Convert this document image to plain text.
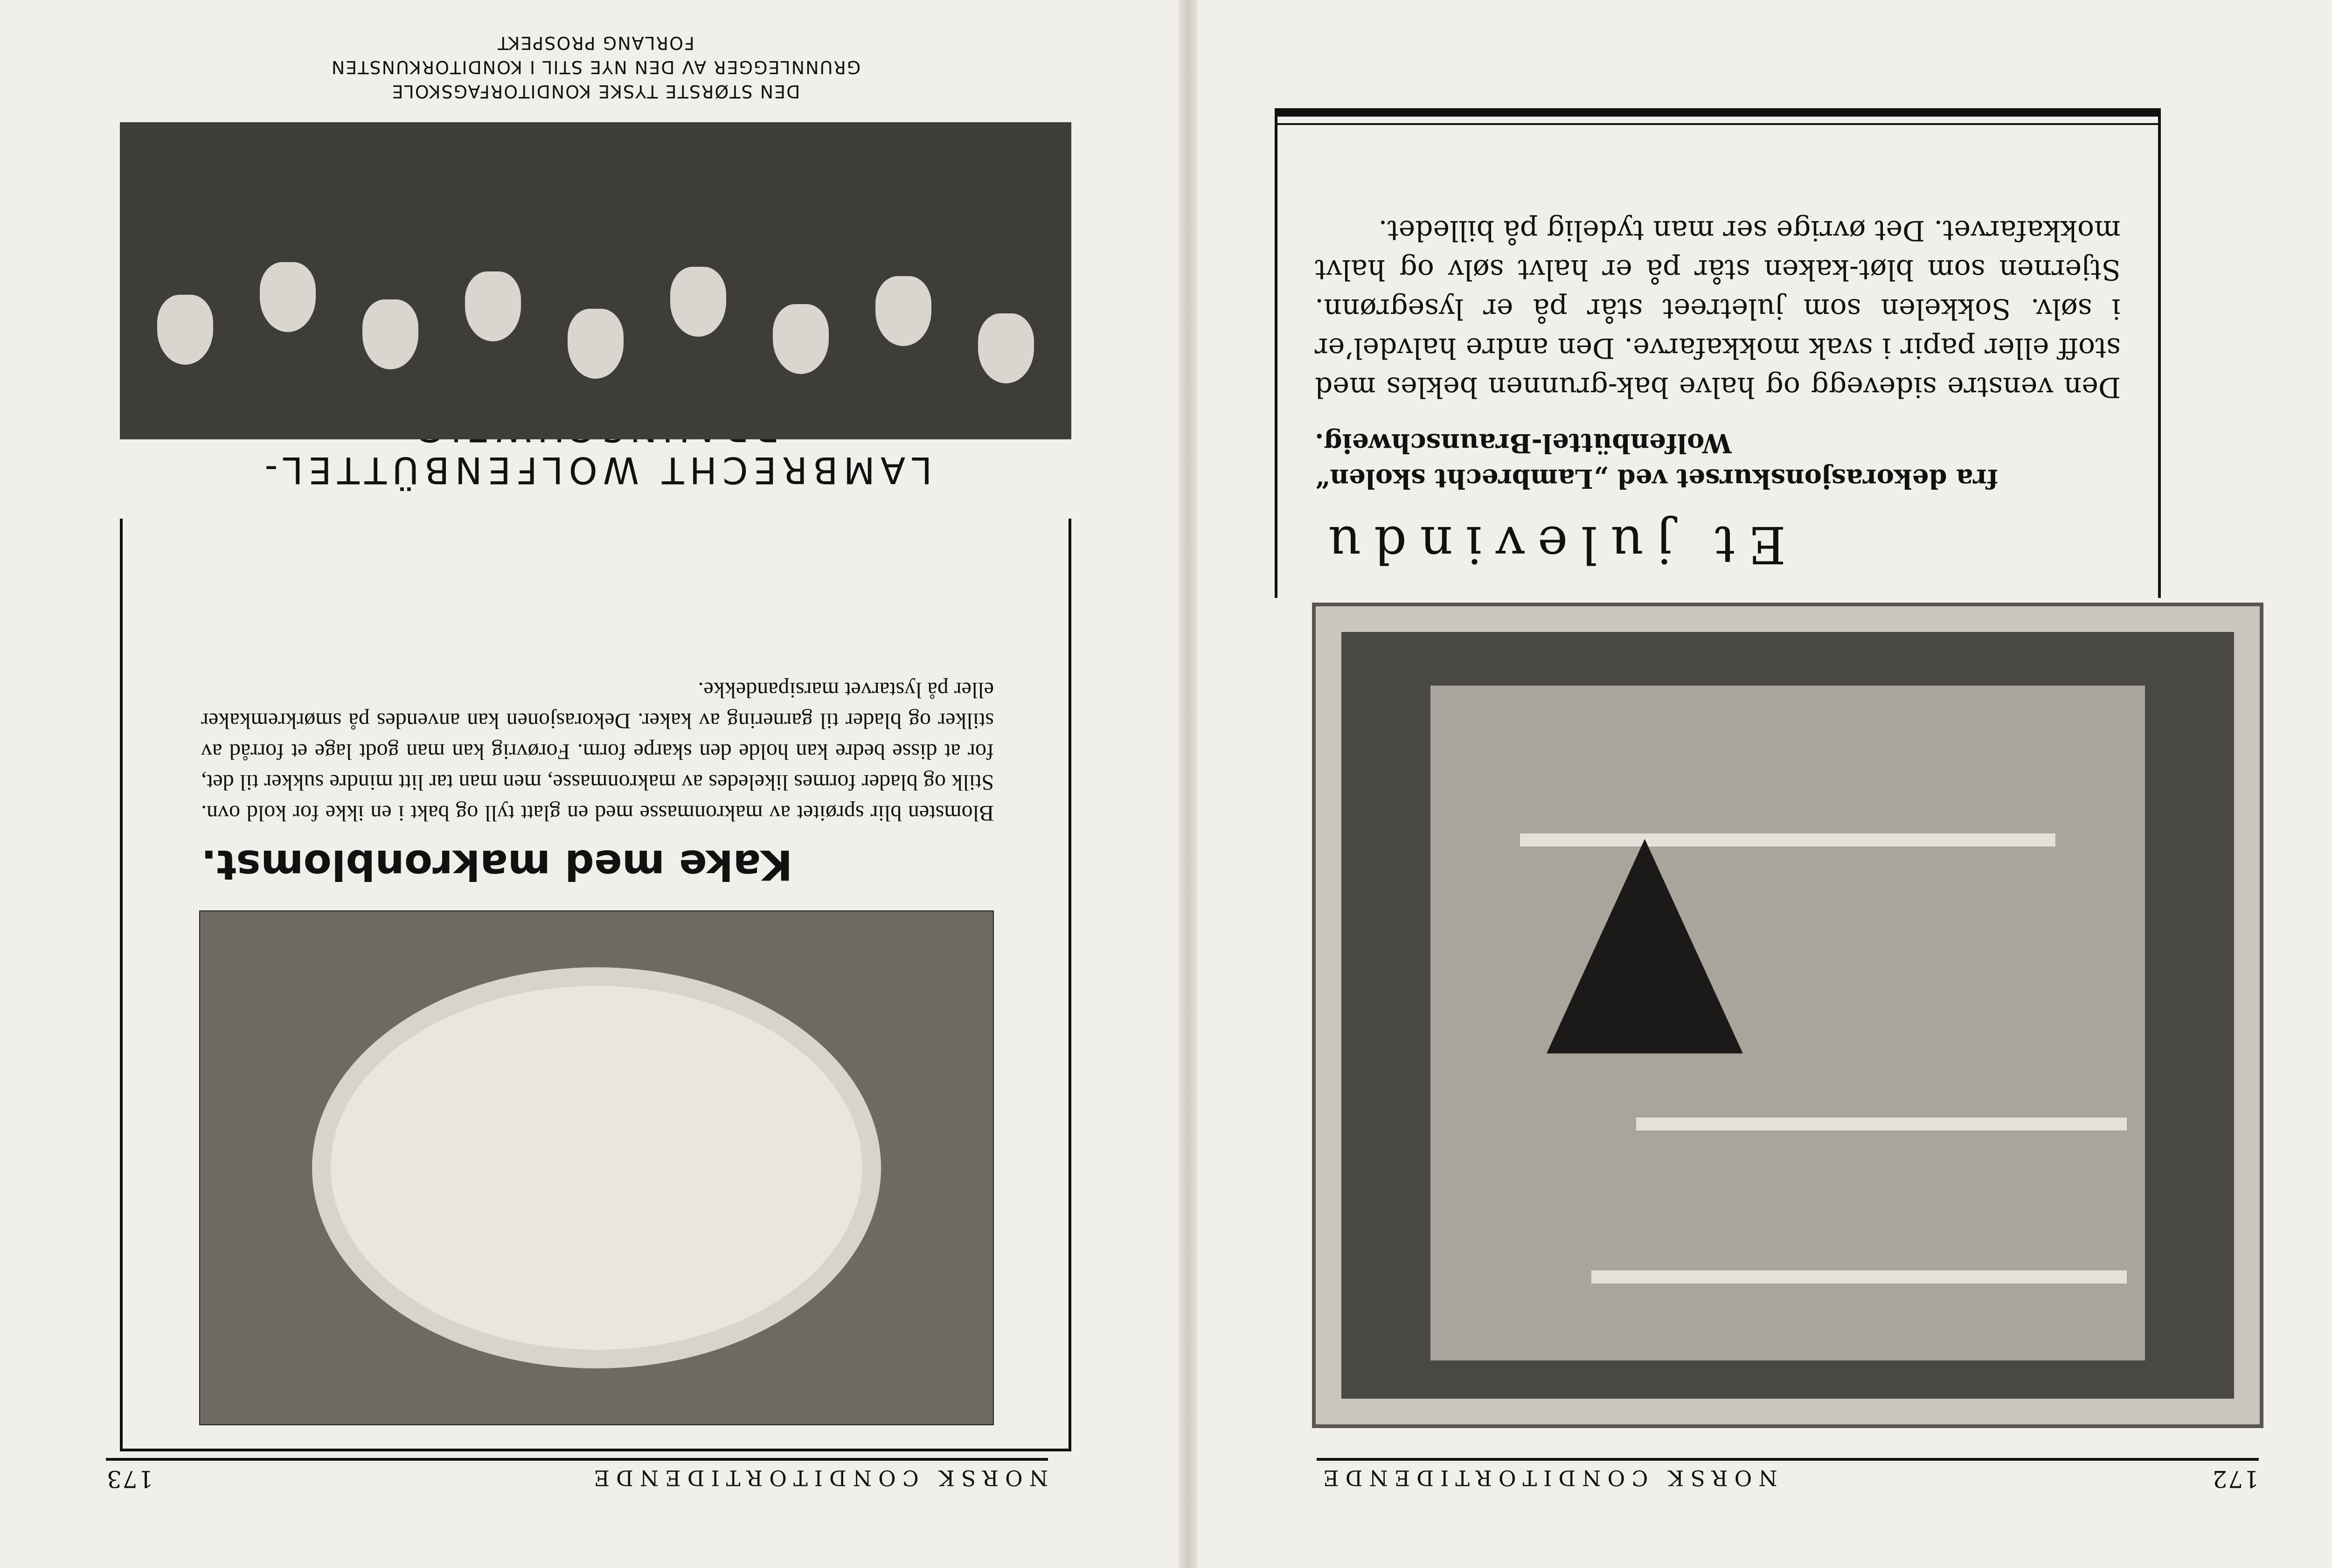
172
NORSK CONDITORTIDENDE
Et julevindu
fra dekorasjonskurset ved „Lambrecht skolen“ Wolfenbüttel-Braunschweig.
Den venstre sidevegg og halve bak-grunnen bekles med stoff eller papir i svak mokkafarve. Den andre halvdel’er i sølv. Sokkelen som juletreet står på er lysegrønn. Stjernen som bløt-kaken står på er halvt sølv og halvt mokkafarvet. Det øvrige ser man tydelig på billedet.
NORSK CONDITORTIDENDE
173
Kake med makronblomst.
Blomsten blir sprøitet av makronmasse med en glatt tyll og bakt i en ikke for kold ovn. Stilk og blader formes likeledes av makronmasse, men man tar litt mindre sukker til det, for at disse bedre kan holde den skarpe form. Forøvrig kan man godt lage et forråd av stilker og blader til garnering av kaker. Dekorasjonen kan anvendes på smørkremkaker eller på lystarvet marsipandekke.
LAMBRECHT WOLFENBÜTTEL-
DEN STØRSTE TYSKE KONDITORFAGSKOLE
GRUNNLEGGER AV DEN NYE STIL I KONDITORKUNSTEN
FORLANG PROSPEKT
